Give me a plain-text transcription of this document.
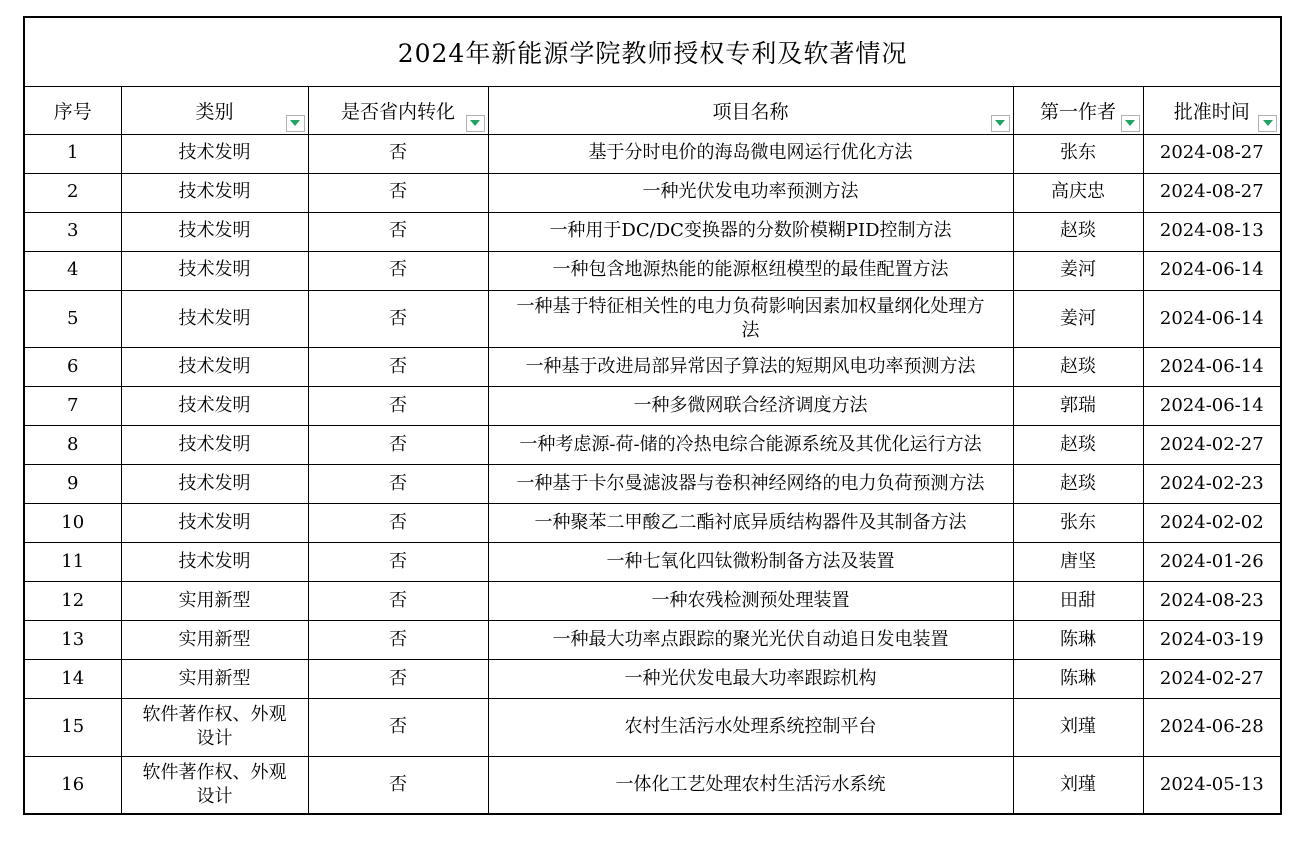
2024年新能源学院教师授权专利及软著情况					
序号	类别	是否省内转化	项目名称	第一作者	批准时间

1	技术发明	否	基于分时电价的海岛微电网运行优化方法	张东	2024-08-27
2	技术发明	否	一种光伏发电功率预测方法	高庆忠	2024-08-27
3	技术发明	否	一种用于DC/DC变换器的分数阶模糊PID控制方法	赵琰	2024-08-13
4	技术发明	否	一种包含地源热能的能源枢纽模型的最佳配置方法	姜河	2024-06-14
5	技术发明	否	一种基于特征相关性的电力负荷影响因素加权量纲化处理方法	姜河	2024-06-14
6	技术发明	否	一种基于改进局部异常因子算法的短期风电功率预测方法	赵琰	2024-06-14
7	技术发明	否	一种多微网联合经济调度方法	郭瑞	2024-06-14
8	技术发明	否	一种考虑源-荷-储的冷热电综合能源系统及其优化运行方法	赵琰	2024-02-27
9	技术发明	否	一种基于卡尔曼滤波器与卷积神经网络的电力负荷预测方法	赵琰	2024-02-23
10	技术发明	否	一种聚苯二甲酸乙二酯衬底异质结构器件及其制备方法	张东	2024-02-02
11	技术发明	否	一种七氧化四钛微粉制备方法及装置	唐坚	2024-01-26
12	实用新型	否	一种农残检测预处理装置	田甜	2024-08-23
13	实用新型	否	一种最大功率点跟踪的聚光光伏自动追日发电装置	陈琳	2024-03-19
14	实用新型	否	一种光伏发电最大功率跟踪机构	陈琳	2024-02-27
15	软件著作权、外观设计	否	农村生活污水处理系统控制平台	刘瑾	2024-06-28
16	软件著作权、外观设计	否	一体化工艺处理农村生活污水系统	刘瑾	2024-05-13
